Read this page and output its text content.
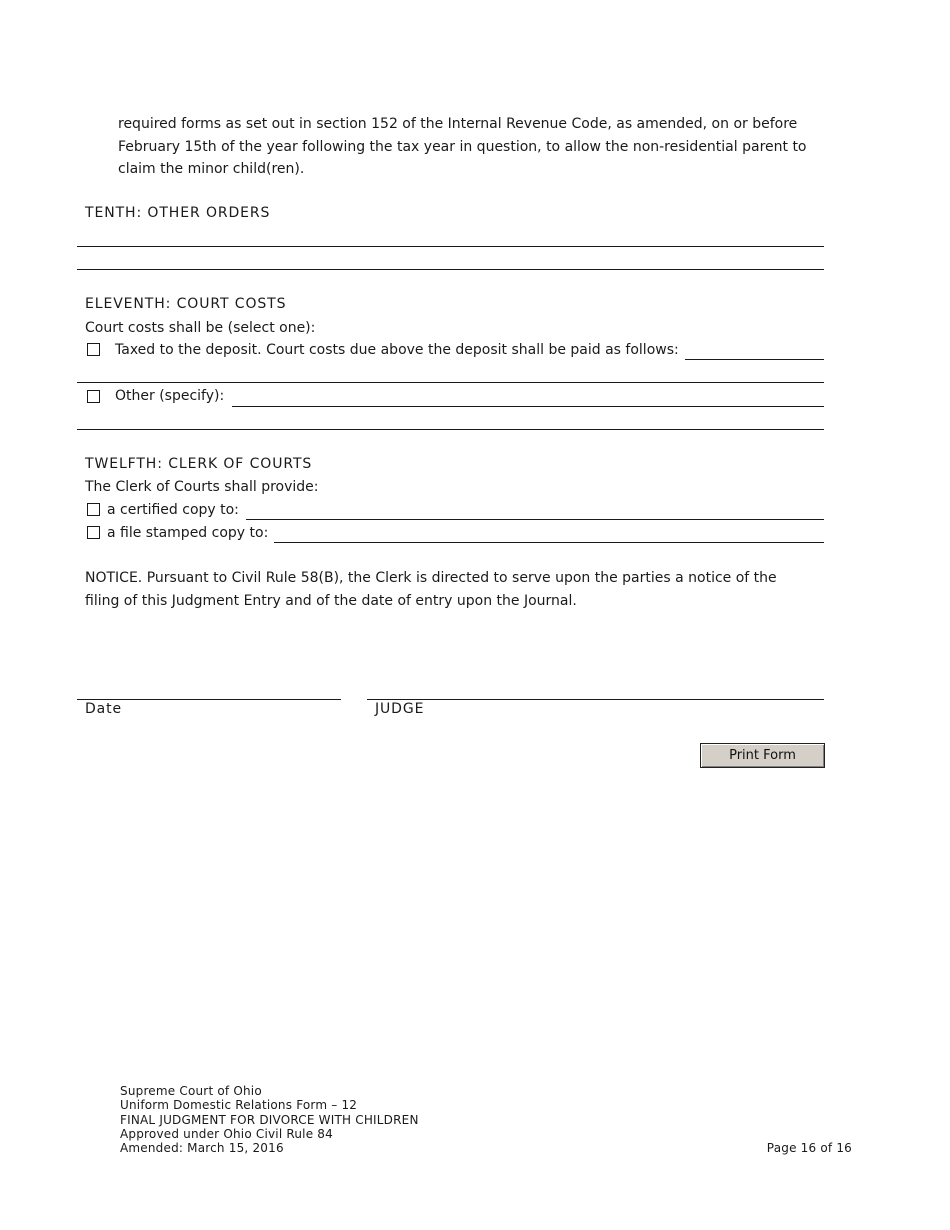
required forms as set out in section 152 of the Internal Revenue Code, as amended, on or before
February 15th of the year following the tax year in question, to allow the non-residential parent to
claim the minor child(ren).
TENTH: OTHER ORDERS
ELEVENTH: COURT COSTS
Court costs shall be (select one):
Taxed to the deposit. Court costs due above the deposit shall be paid as follows:
Other (specify):
TWELFTH: CLERK OF COURTS
The Clerk of Courts shall provide:
a certified copy to:
a file stamped copy to:
NOTICE. Pursuant to Civil Rule 58(B), the Clerk is directed to serve upon the parties a notice of the
filing of this Judgment Entry and of the date of entry upon the Journal.
Date	JUDGE
Print Form
Supreme Court of Ohio
Uniform Domestic Relations Form – 12
FINAL JUDGMENT FOR DIVORCE WITH CHILDREN
Approved under Ohio Civil Rule 84
Amended: March 15, 2016	Page 16 of 16
